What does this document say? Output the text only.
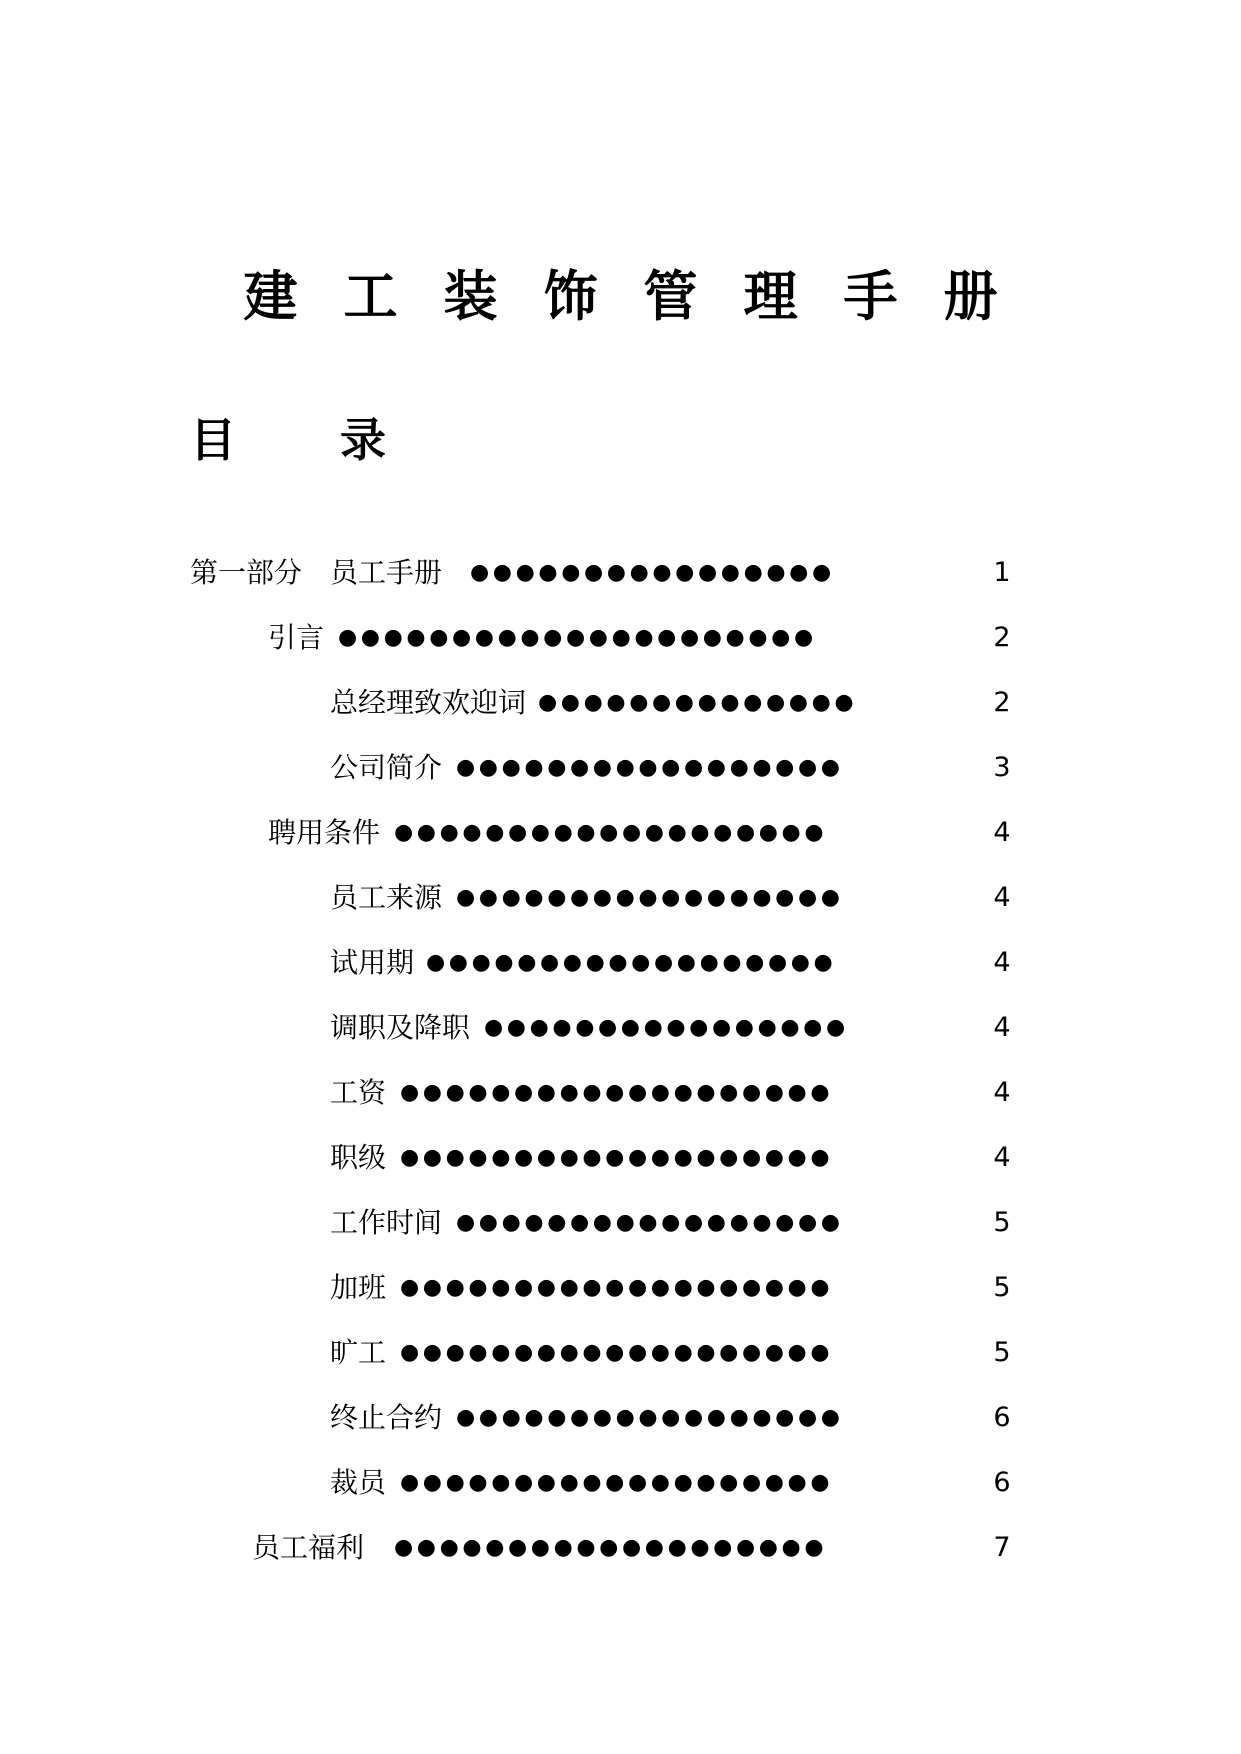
建 工 装 饰 管 理 手 册
目 录
第一部分　员工手册 ●●●●●●●●●●●●●●●●	1
引言 ●●●●●●●●●●●●●●●●●●●●●	2
总经理致欢迎词 ●●●●●●●●●●●●●●	2
公司简介 ●●●●●●●●●●●●●●●●●	3
聘用条件 ●●●●●●●●●●●●●●●●●●●	4
员工来源 ●●●●●●●●●●●●●●●●●	4
试用期 ●●●●●●●●●●●●●●●●●●	4
调职及降职 ●●●●●●●●●●●●●●●●	4
工资 ●●●●●●●●●●●●●●●●●●●	4
职级 ●●●●●●●●●●●●●●●●●●●	4
工作时间 ●●●●●●●●●●●●●●●●●	5
加班 ●●●●●●●●●●●●●●●●●●●	5
旷工 ●●●●●●●●●●●●●●●●●●●	5
终止合约 ●●●●●●●●●●●●●●●●●	6
裁员 ●●●●●●●●●●●●●●●●●●●	6
员工福利 ●●●●●●●●●●●●●●●●●●●	7
